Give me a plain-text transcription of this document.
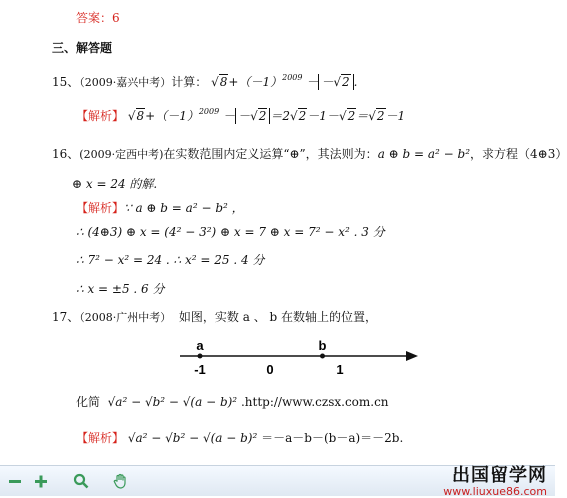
答案：6
三、解答题
15、（2009·嘉兴中考）计算： $√8+(-1)^{2009} - -√2$ .
【解析】 $√8+(-1)^{2009} - -√2 =2√2-1-√2=√2-1$
16、(2009·定西中考)在实数范围内定义运算“⊕”，其法则为：a ⊕ b = a² − b²，求方程（4⊕3）
⊕ x = 24 的解.
【解析】∵ a ⊕ b = a² − b² ，
∴ (4⊕3) ⊕ x = (4² − 3²) ⊕ x = 7 ⊕ x = 7² − x² . 3 分
∴ 7² − x² = 24 . ∴ x² = 25 . 4 分
∴ x = ±5 . 6 分
17、（2008·广州中考） 如图，实数 a 、 b 在数轴上的位置，
a	b
-1	0	1
化简 √a² − √b² − √(a − b)² .http://www.czsx.com.cn
【解析】 √a² − √b² − √(a − b)² ＝－a－b－(b－a)＝－2b.
出国留学网
www.liuxue86.com
